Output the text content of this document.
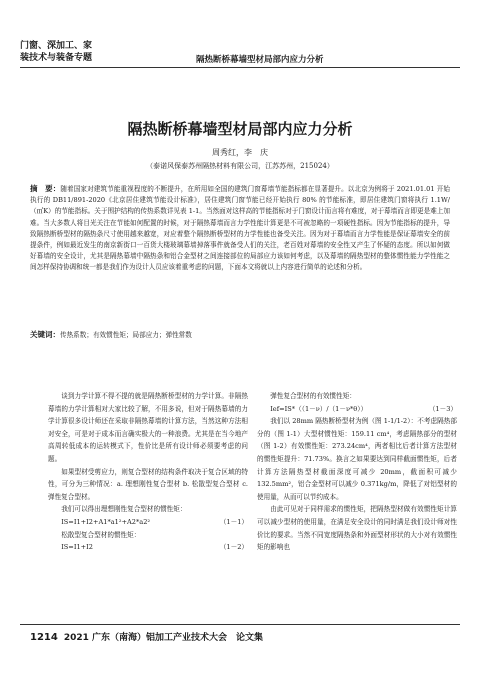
门窗、深加工、家
装技术与装备专题	隔热断桥幕墙型材局部内应力分析
隔热断桥幕墙型材局部内应力分析
周秀红，李　庆
（泰诺风保泰苏州隔热材料有限公司，江苏苏州，215024）
摘　要：随着国家对建筑节能重视程度的不断提升，在所用如全国的建筑门窗幕墙节能指标都在显著提升。以北京为例将于 2021.01.01 开始执行的 DB11/891-2020《北京居住建筑节能设计标准》，居住建筑门窗节能已经开始执行 80% 的节能标准，即居住建筑门窗将执行 1.1W/（㎡K）的节能指标。关于围护结构的传热系数详见表 1-1。当然面对这样高的节能指标对于门窗设计而言将有难度，对于幕墙而言即更是难上加难。当大多数人将目光关注在节能如何配置的时候，对于隔热幕墙而言力学性能计算更是不可被忽略的一项硬性指标。因为节能指标的提升，导致隔热断桥型材的隔热条尺寸使用越来越宽，对应着整个隔热断桥型材的力学性能也备受关注。因为对于幕墙而言力学性能是保证幕墙安全的前提条件，例如最近发生的南京新街口一百货大楼玻璃幕墙掉落事件就备受人们的关注，老百姓对幕墙的安全性又产生了怀疑的态度。所以如何做好幕墙的安全设计，尤其是隔热幕墙中隔热条和铝合金型材之间连接部位的局部应力该如何考虑，以及幕墙的隔热型材的整体惯性能力学性能之间怎样保持协调和统一都是我们作为设计人员应该着重考虑的问题，下面本文将就以上内容进行简单的论述和分析。
关键词：传热系数；有效惯性矩；局部应力；弹性常数

谈到力学计算不得不提的就是隔热断桥型材的力学计算。非隔热幕墙的力学计算相对大家比较了解，不用多说，但对于隔热幕墙的力学计算很多设计师还在采取非隔热幕墙的计算方法，当然这种方法相对安全，可是对于成本而言确实极大的一种浪费。尤其是在当今地产高周转低成本的运转模式下，性价比是所有设计师必须要考虑的问题。

如果型材受剪应力，则复合型材的结构条件取决于复合区域的特性，可分为三种情况：a. 理想刚性复合型材 b. 松散型复合型材 c. 弹性复合型材。

我们可以得出理想刚性复合型材的惯性矩：

IS=I1+I2+A1*a1²+A2*a2²	（1－1）

松散型复合型材的惯性矩：

IS=I1+I2	（1－2）

弹性复合型材的有效惯性矩：

Ief=IS*（（1－ν）/（1－ν*θ））	（1－3）

我们以 28mm 隔热断桥型材为例（图 1-1/1-2）：不考虑隔热部分的（图 1-1）大型材惯性矩：159.11 cm⁴，考虑隔热部分的型材（图 1-2）有效惯性矩：273.24cm⁴，两者相比后者计算方法型材的惯性矩提升：71.73%。换言之如果要达到同样截面惯性矩，后者计算方法隔热型材截面深度可减少 20mm，截面积可减少 132.5mm²，铝合金型材可以减少 0.371kg/m，降低了对铝型材的使用量，从而可以节约成本。

由此可见对于同样需求的惯性矩，把隔热型材做有效惯性矩计算可以减少型材的使用量，在满足安全设计的同时满足我们设计师对性价比的要求。当然不同宽度隔热条和外面型材形状的大小对有效惯性矩的影响也

1214 2021 广东（南海）铝加工产业技术大会　论文集
